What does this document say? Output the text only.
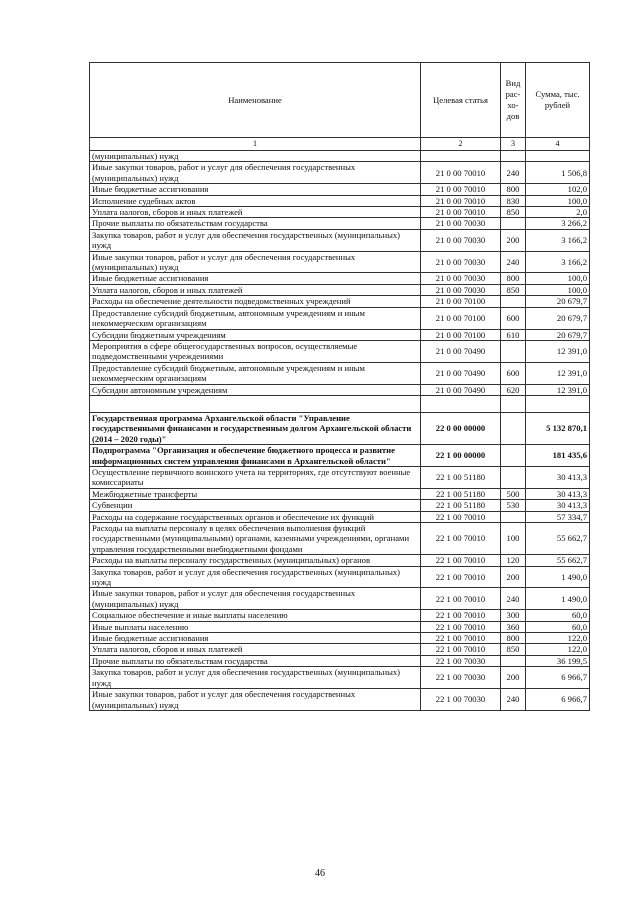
Наименование	Целевая статья	Вид рас- хо- дов	Сумма, тыс. рублей
1	2	3	4
(муниципальных) нужд			
Иные закупки товаров, работ и услуг для обеспечения государственных (муниципальных) нужд	21 0 00 70010	240	1 506,8
Иные бюджетные ассигнования	21 0 00 70010	800	102,0
Исполнение судебных актов	21 0 00 70010	830	100,0
Уплата налогов, сборов и иных платежей	21 0 00 70010	850	2,0
Прочие выплаты по обязательствам государства	21 0 00 70030		3 266,2
Закупка товаров, работ и услуг для обеспечения государственных (муниципальных) нужд	21 0 00 70030	200	3 166,2
Иные закупки товаров, работ и услуг для обеспечения государственных (муниципальных) нужд	21 0 00 70030	240	3 166,2
Иные бюджетные ассигнования	21 0 00 70030	800	100,0
Уплата налогов, сборов и иных платежей	21 0 00 70030	850	100,0
Расходы на обеспечение деятельности подведомственных учреждений	21 0 00 70100		20 679,7
Предоставление субсидий бюджетным, автономным учреждениям и иным некоммерческим организациям	21 0 00 70100	600	20 679,7
Субсидии бюджетным учреждениям	21 0 00 70100	610	20 679,7
Мероприятия в сфере общегосударственных вопросов, осуществляемые подведомственными учреждениями	21 0 00 70490		12 391,0
Предоставление субсидий бюджетным, автономным учреждениям и иным некоммерческим организациям	21 0 00 70490	600	12 391,0
Субсидии автономным учреждениям	21 0 00 70490	620	12 391,0

Государственная программа Архангельской области "Управление государственными финансами и государственным долгом Архангельской области (2014 – 2020 годы)"	22 0 00 00000		5 132 870,1
Подпрограмма "Организация и обеспечение бюджетного процесса и развитие информационных систем управления финансами в Архангельской области"	22 1 00 00000		181 435,6
Осуществление первичного воинского учета на территориях, где отсутствуют военные комиссариаты	22 1 00 51180		30 413,3
Межбюджетные трансферты	22 1 00 51180	500	30 413,3
Субвенции	22 1 00 51180	530	30 413,3
Расходы на содержание государственных органов и обеспечение их функций	22 1 00 70010		57 334,7
Расходы на выплаты персоналу в целях обеспечения выполнения функций государственными (муниципальными) органами, казенными учреждениями, органами управления государственными внебюджетными фондами	22 1 00 70010	100	55 662,7
Расходы на выплаты персоналу государственных (муниципальных) органов	22 1 00 70010	120	55 662,7
Закупка товаров, работ и услуг для обеспечения государственных (муниципальных) нужд	22 1 00 70010	200	1 490,0
Иные закупки товаров, работ и услуг для обеспечения государственных (муниципальных) нужд	22 1 00 70010	240	1 490,0
Социальное обеспечение и иные выплаты населению	22 1 00 70010	300	60,0
Иные выплаты населению	22 1 00 70010	360	60,0
Иные бюджетные ассигнования	22 1 00 70010	800	122,0
Уплата налогов, сборов и иных платежей	22 1 00 70010	850	122,0
Прочие выплаты по обязательствам государства	22 1 00 70030		36 199,5
Закупка товаров, работ и услуг для обеспечения государственных (муниципальных) нужд	22 1 00 70030	200	6 966,7
Иные закупки товаров, работ и услуг для обеспечения государственных (муниципальных) нужд	22 1 00 70030	240	6 966,7
46
